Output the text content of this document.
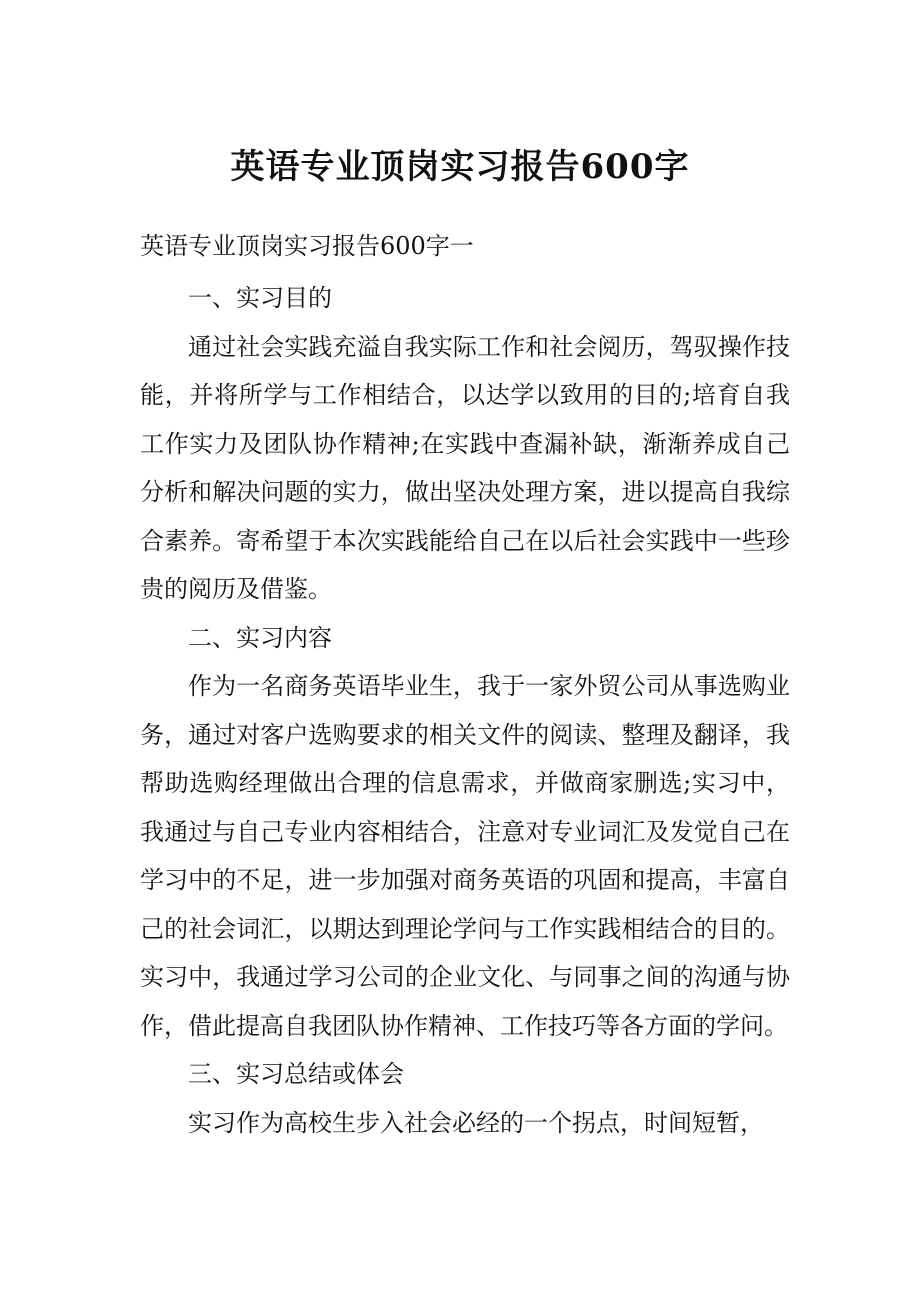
英语专业顶岗实习报告600字
英语专业顶岗实习报告600字一
一、实习目的

通过社会实践充溢自我实际工作和社会阅历，驾驭操作技能，并将所学与工作相结合，以达学以致用的目的;培育自我工作实力及团队协作精神;在实践中查漏补缺，渐渐养成自己分析和解决问题的实力，做出坚决处理方案，进以提高自我综合素养。寄希望于本次实践能给自己在以后社会实践中一些珍贵的阅历及借鉴。

二、实习内容

作为一名商务英语毕业生，我于一家外贸公司从事选购业务，通过对客户选购要求的相关文件的阅读、整理及翻译，我帮助选购经理做出合理的信息需求，并做商家删选;实习中，我通过与自己专业内容相结合，注意对专业词汇及发觉自己在学习中的不足，进一步加强对商务英语的巩固和提高，丰富自己的社会词汇，以期达到理论学问与工作实践相结合的目的。实习中，我通过学习公司的企业文化、与同事之间的沟通与协作，借此提高自我团队协作精神、工作技巧等各方面的学问。

三、实习总结或体会

实习作为高校生步入社会必经的一个拐点，时间短暂，
